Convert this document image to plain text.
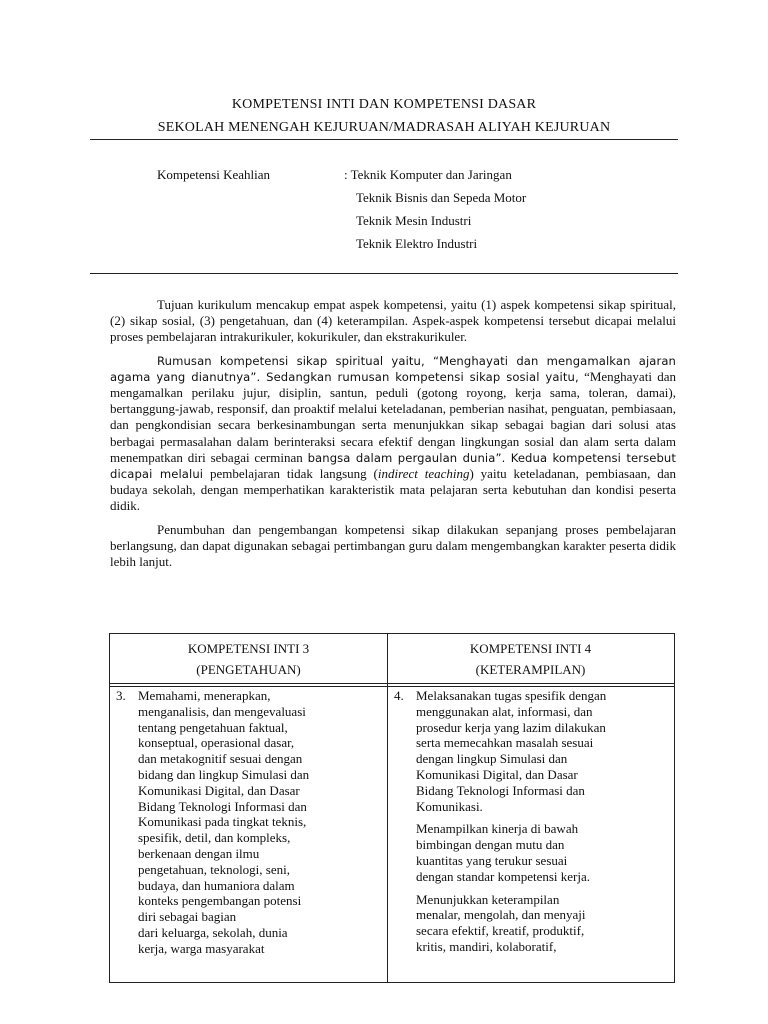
KOMPETENSI INTI DAN KOMPETENSI DASAR
SEKOLAH MENENGAH KEJURUAN/MADRASAH ALIYAH KEJURUAN
Kompetensi Keahlian	: Teknik Komputer dan Jaringan
Teknik Bisnis dan Sepeda Motor
Teknik Mesin Industri
Teknik Elektro Industri

Tujuan kurikulum mencakup empat aspek kompetensi, yaitu (1) aspek kompetensi sikap spiritual, (2) sikap sosial, (3) pengetahuan, dan (4) keterampilan. Aspek-aspek kompetensi tersebut dicapai melalui proses pembelajaran intrakurikuler, kokurikuler, dan ekstrakurikuler.

Rumusan kompetensi sikap spiritual yaitu, “Menghayati dan mengamalkan ajaran agama yang dianutnya”. Sedangkan rumusan kompetensi sikap sosial yaitu, “Menghayati dan mengamalkan perilaku jujur, disiplin, santun, peduli (gotong royong, kerja sama, toleran, damai), bertanggung-jawab, responsif, dan proaktif melalui keteladanan, pemberian nasihat, penguatan, pembiasaan, dan pengkondisian secara berkesinambungan serta menunjukkan sikap sebagai bagian dari solusi atas berbagai permasalahan dalam berinteraksi secara efektif dengan lingkungan sosial dan alam serta dalam menempatkan diri sebagai cerminan bangsa dalam pergaulan dunia”. Kedua kompetensi tersebut dicapai melalui pembelajaran tidak langsung (indirect teaching) yaitu keteladanan, pembiasaan, dan budaya sekolah, dengan memperhatikan karakteristik mata pelajaran serta kebutuhan dan kondisi peserta didik.

Penumbuhan dan pengembangan kompetensi sikap dilakukan sepanjang proses pembelajaran berlangsung, dan dapat digunakan sebagai pertimbangan guru dalam mengembangkan karakter peserta didik lebih lanjut.

KOMPETENSI INTI 3
(PENGETAHUAN)
KOMPETENSI INTI 4
(KETERAMPILAN)
3. Memahami, menerapkan,
menganalisis, dan mengevaluasi
tentang pengetahuan faktual,
konseptual, operasional dasar,
dan metakognitif sesuai dengan
bidang dan lingkup Simulasi dan
Komunikasi Digital, dan Dasar
Bidang Teknologi Informasi dan
Komunikasi pada tingkat teknis,
spesifik, detil, dan kompleks,
berkenaan dengan ilmu
pengetahuan, teknologi, seni,
budaya, dan humaniora dalam
konteks pengembangan potensi
diri sebagai bagian
dari keluarga, sekolah, dunia
kerja, warga masyarakat
4. Melaksanakan tugas spesifik dengan
menggunakan alat, informasi, dan
prosedur kerja yang lazim dilakukan
serta memecahkan masalah sesuai
dengan lingkup Simulasi dan
Komunikasi Digital, dan Dasar
Bidang Teknologi Informasi dan
Komunikasi.
Menampilkan kinerja di bawah
bimbingan dengan mutu dan
kuantitas yang terukur sesuai
dengan standar kompetensi kerja.
Menunjukkan keterampilan
menalar, mengolah, dan menyaji
secara efektif, kreatif, produktif,
kritis, mandiri, kolaboratif,
